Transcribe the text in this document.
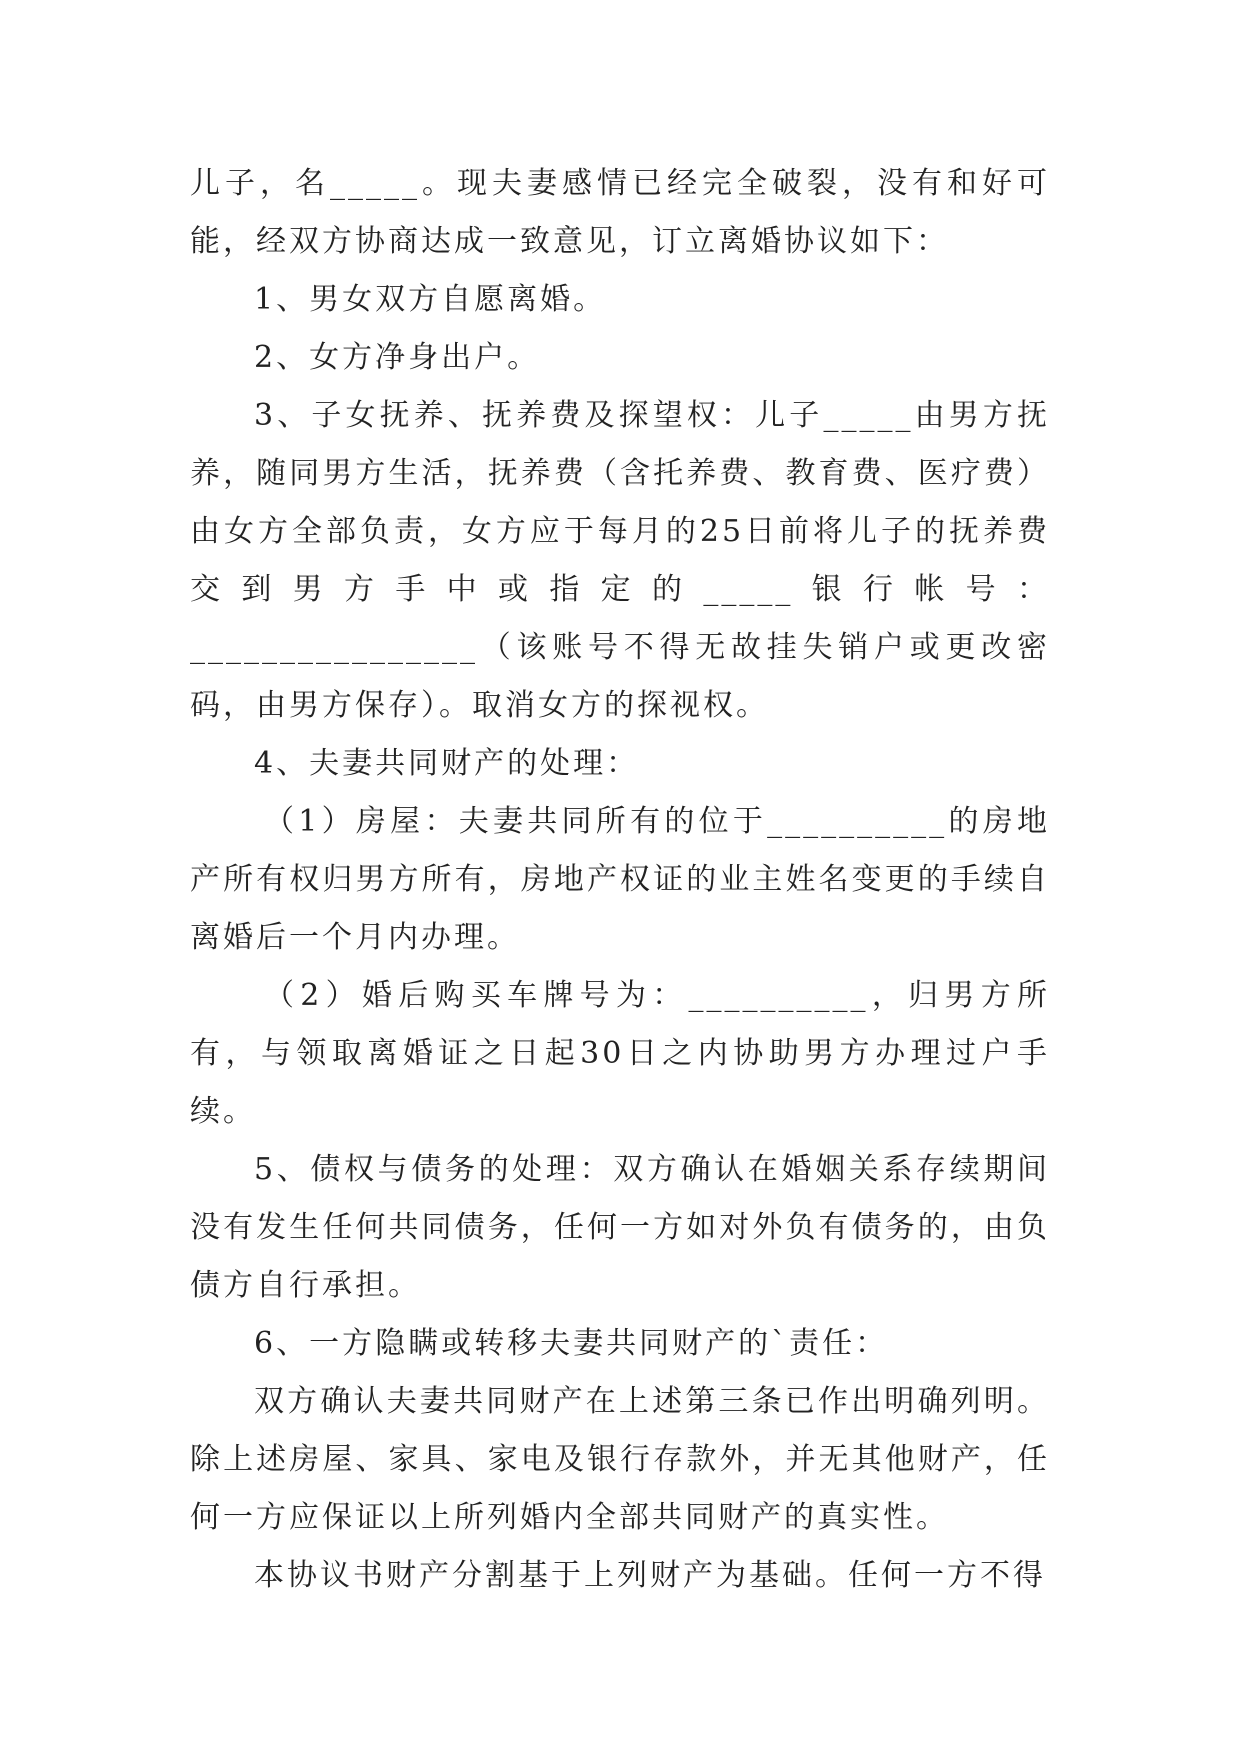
儿子，名_____。现夫妻感情已经完全破裂，没有和好可能，经双方协商达成一致意见，订立离婚协议如下：

1、男女双方自愿离婚。

2、女方净身出户。

3、子女抚养、抚养费及探望权：儿子_____由男方抚养，随同男方生活，抚养费（含托养费、教育费、医疗费）由女方全部负责，女方应于每月的25日前将儿子的抚养费交到男方手中或指定的_____银行帐号：________________（该账号不得无故挂失销户或更改密码，由男方保存）。取消女方的探视权。

4、夫妻共同财产的处理：

（1）房屋：夫妻共同所有的位于__________的房地产所有权归男方所有，房地产权证的业主姓名变更的手续自离婚后一个月内办理。

（2）婚后购买车牌号为：__________，归男方所有，与领取离婚证之日起30日之内协助男方办理过户手续。

5、债权与债务的处理：双方确认在婚姻关系存续期间没有发生任何共同债务，任何一方如对外负有债务的，由负债方自行承担。

6、一方隐瞒或转移夫妻共同财产的`责任：

双方确认夫妻共同财产在上述第三条已作出明确列明。除上述房屋、家具、家电及银行存款外，并无其他财产，任何一方应保证以上所列婚内全部共同财产的真实性。

本协议书财产分割基于上列财产为基础。任何一方不得
